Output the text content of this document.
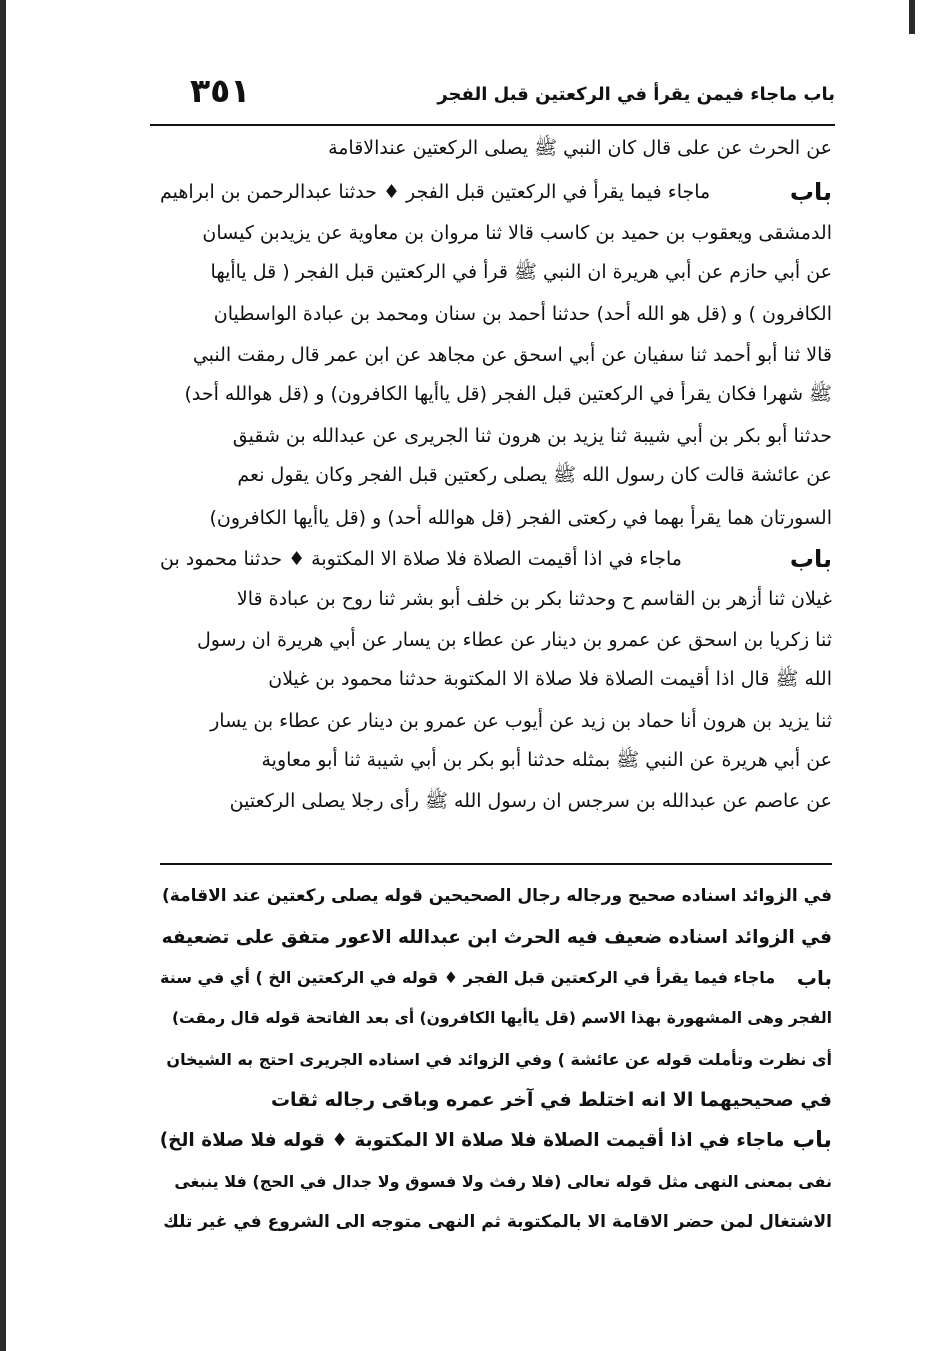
٣٥١	باب ماجاء فيمن يقرأ في الركعتين قبل الفجر
عن الحرث عن على قال كان النبي ﷺ يصلى الركعتين عندالاقامة
باب
ماجاء فيما يقرأ في الركعتين قبل الفجر ♦ حدثنا عبدالرحمن بن ابراهيم
الدمشقى ويعقوب بن حميد بن كاسب قالا ثنا مروان بن معاوية عن يزيدبن كيسان
عن أبي حازم عن أبي هريرة ان النبي ﷺ قرأ في الركعتين قبل الفجر ( قل ياأيها
الكافرون ) و (قل هو الله أحد) حدثنا أحمد بن سنان ومحمد بن عبادة الواسطيان
قالا ثنا أبو أحمد ثنا سفيان عن أبي اسحق عن مجاهد عن ابن عمر قال رمقت النبي
ﷺ شهرا فكان يقرأ في الركعتين قبل الفجر (قل ياأيها الكافرون) و (قل هوالله أحد)
حدثنا أبو بكر بن أبي شيبة ثنا يزيد بن هرون ثنا الجريرى عن عبدالله بن شقيق
عن عائشة قالت كان رسول الله ﷺ يصلى ركعتين قبل الفجر وكان يقول نعم
السورتان هما يقرأ بهما في ركعتى الفجر (قل هوالله أحد) و (قل ياأيها الكافرون)
باب
ماجاء في اذا أقيمت الصلاة فلا صلاة الا المكتوبة ♦ حدثنا محمود بن
غيلان ثنا أزهر بن القاسم ح وحدثنا بكر بن خلف أبو بشر ثنا روح بن عبادة قالا
ثنا زكريا بن اسحق عن عمرو بن دينار عن عطاء بن يسار عن أبي هريرة ان رسول
الله ﷺ قال اذا أقيمت الصلاة فلا صلاة الا المكتوبة حدثنا محمود بن غيلان
ثنا يزيد بن هرون أنا حماد بن زيد عن أيوب عن عمرو بن دينار عن عطاء بن يسار
عن أبي هريرة عن النبي ﷺ بمثله حدثنا أبو بكر بن أبي شيبة ثنا أبو معاوية
عن عاصم عن عبدالله بن سرجس ان رسول الله ﷺ رأى رجلا يصلى الركعتين
في الزوائد اسناده صحيح ورجاله رجال الصحيحين قوله يصلى ركعتين عند الاقامة)
في الزوائد اسناده ضعيف فيه الحرث ابن عبدالله الاعور متفق على تضعيفه
باب
ماجاء فيما يقرأ في الركعتين قبل الفجر ♦ قوله في الركعتين الخ ) أي في سنة
الفجر وهى المشهورة بهذا الاسم (قل ياأيها الكافرون) أى بعد الفاتحة قوله قال رمقت)
أى نظرت وتأملت قوله عن عائشة ) وفي الزوائد في اسناده الجريرى احتج به الشيخان
في صحيحيهما الا انه اختلط في آخر عمره وباقى رجاله ثقات
باب
ماجاء في اذا أقيمت الصلاة فلا صلاة الا المكتوبة ♦ قوله فلا صلاة الخ)
نفى بمعنى النهى مثل قوله تعالى (فلا رفث ولا فسوق ولا جدال في الحج) فلا ينبغى
الاشتغال لمن حضر الاقامة الا بالمكتوبة ثم النهى متوجه الى الشروع في غير تلك
